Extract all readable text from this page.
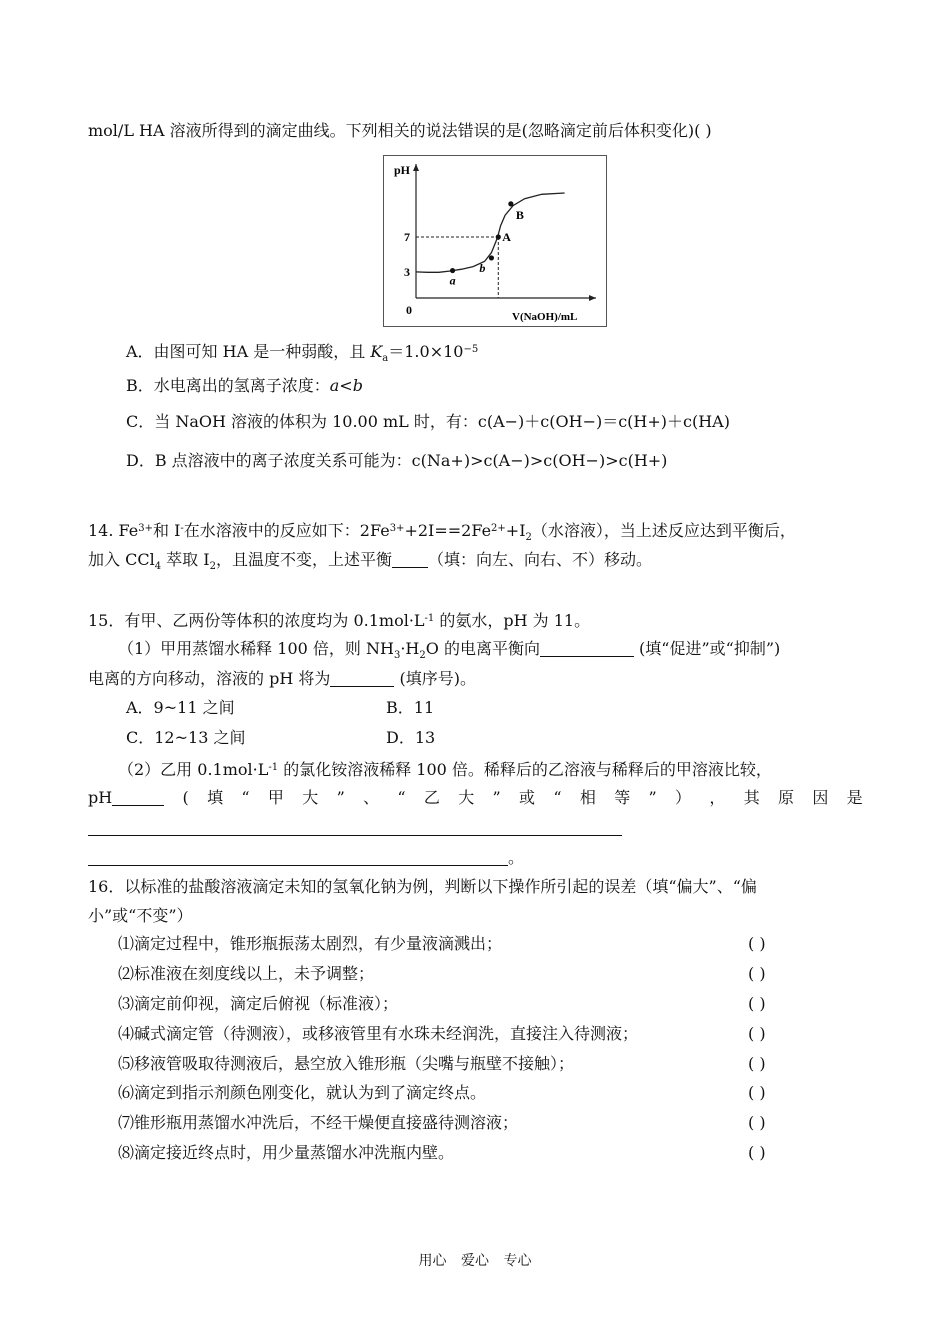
mol/L HA 溶液所得到的滴定曲线。下列相关的说法错误的是(忽略滴定前后体积变化)( )
pH
V(NaOH)/mL
0
3
7
a
b
A
B
A．由图可知 HA 是一种弱酸，且 $K_a=1.0\times 10^{-5}$
B．水电离出的氢离子浓度：a<b
C．当 NaOH 溶液的体积为 10.00 mL 时，有：c(A−)＋c(OH−)＝c(H+)＋c(HA)
D．B 点溶液中的离子浓度关系可能为：c(Na+)>c(A−)>c(OH−)>c(H+)
14. $Fe^{3+}$和 I-在水溶液中的反应如下：$2Fe^{3+}+2I==2Fe^{2+}+I_2$（水溶液），当上述反应达到平衡后，
加入 CCl$_4$ 萃取 $I_2$，且温度不变，上述平衡 （填：向左、向右、不）移动。
15．有甲、乙两份等体积的浓度均为 $0.1mol\cdot L^{-1}$ 的氨水，pH 为 11。
（1）甲用蒸馏水稀释 100 倍，则 $NH_3\cdot H_2O$ 的电离平衡向	(填“促进”或“抑制”)
电离的方向移动，溶液的 pH 将为	(填序号)。
A．9~11 之间	B．11
C．12~13 之间	D．13
（2）乙用 $0.1mol\cdot L^{-1}$ 的氯化铵溶液稀释 100 倍。稀释后的乙溶液与稀释后的甲溶液比较，
pH	( 填 “ 甲 大 ” 、 “ 乙 大 ” 或 “ 相 等 ” ） ， 其 原 因 是
。
16．以标准的盐酸溶液滴定未知的氢氧化钠为例，判断以下操作所引起的误差（填“偏大”、“偏
小”或“不变”）
⑴滴定过程中，锥形瓶振荡太剧烈，有少量液滴溅出；	( )
⑵标准液在刻度线以上，未予调整；	( )
⑶滴定前仰视，滴定后俯视（标准液）；	( )
⑷碱式滴定管（待测液），或移液管里有水珠未经润洗，直接注入待测液；	( )
⑸移液管吸取待测液后，悬空放入锥形瓶（尖嘴与瓶壁不接触）；	( )
⑹滴定到指示剂颜色刚变化，就认为到了滴定终点。	( )
⑺锥形瓶用蒸馏水冲洗后，不经干燥便直接盛待测溶液；	( )
⑻滴定接近终点时，用少量蒸馏水冲洗瓶内壁。	( )
用心 爱心 专心
